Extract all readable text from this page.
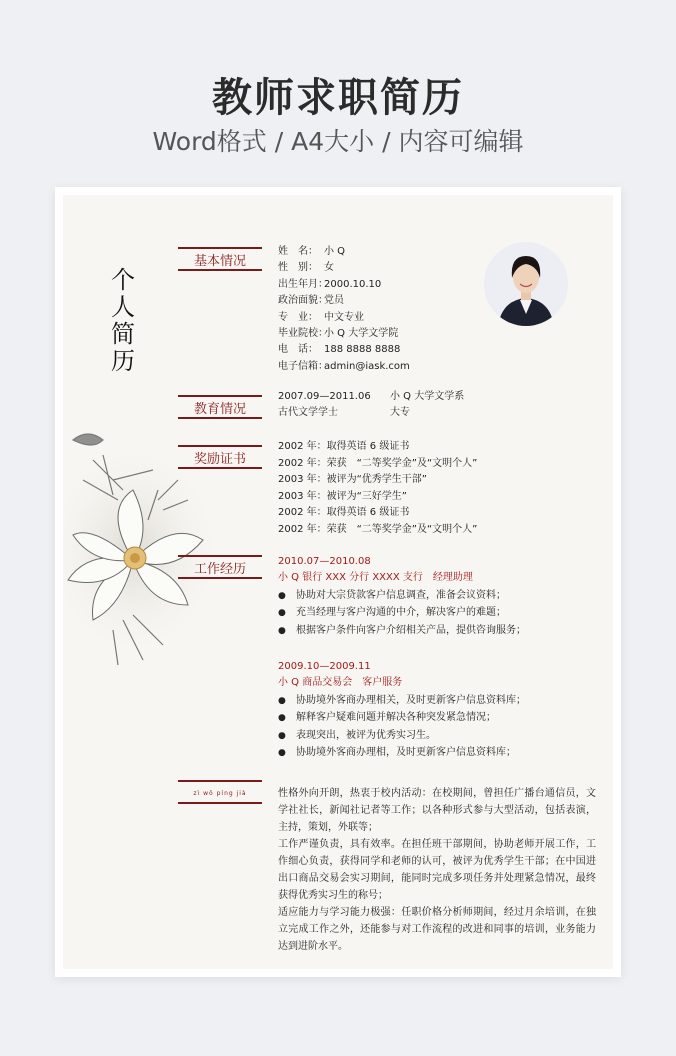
教师求职简历
Word格式 / A4大小 / 内容可编辑
个
人
简
历
基本情况
姓　名： 小 Q
性　别： 女
出生年月：2000.10.10
政治面貌：党员
专　业： 中文专业
毕业院校：小 Q 大学文学院
电　话： 188 8888 8888
电子信箱：admin@iask.com
教育情况
2007.09—2011.06 小 Q 大学文学系
古代文学学士	大专
奖励证书
2002 年：取得英语 6 级证书
2002 年：荣获　“二等奖学金”及“文明个人”
2003 年：被评为“优秀学生干部”
2003 年：被评为“三好学生”
2002 年：取得英语 6 级证书
2002 年：荣获　“二等奖学金”及“文明个人”
工作经历
2010.07—2010.08
小 Q 银行 XXX 分行 XXXX 支行　经理助理
● 协助对大宗贷款客户信息调查，准备会议资料；
● 充当经理与客户沟通的中介，解决客户的难题；
● 根据客户条件向客户介绍相关产品，提供咨询服务；
2009.10—2009.11
小 Q 商品交易会　客户服务
● 协助境外客商办理相关，及时更新客户信息资料库；
● 解释客户疑难问题并解决各种突发紧急情况；
● 表现突出，被评为优秀实习生。
● 协助境外客商办理相，及时更新客户信息资料库；
zì wǒ píng jià	性格外向开朗，热衷于校内活动：在校期间，曾担任广播台通信员，文学社社长，新闻社记者等工作；以各种形式参与大型活动，包括表演，主持，策划，外联等；
工作严谨负责，具有效率。在担任班干部期间，协助老师开展工作，工作细心负责，获得同学和老师的认可，被评为优秀学生干部；在中国进出口商品交易会实习期间，能同时完成多项任务并处理紧急情况，最终获得优秀实习生的称号；
适应能力与学习能力极强：任职价格分析师期间，经过月余培训，在独立完成工作之外，还能参与对工作流程的改进和同事的培训，业务能力达到进阶水平。
